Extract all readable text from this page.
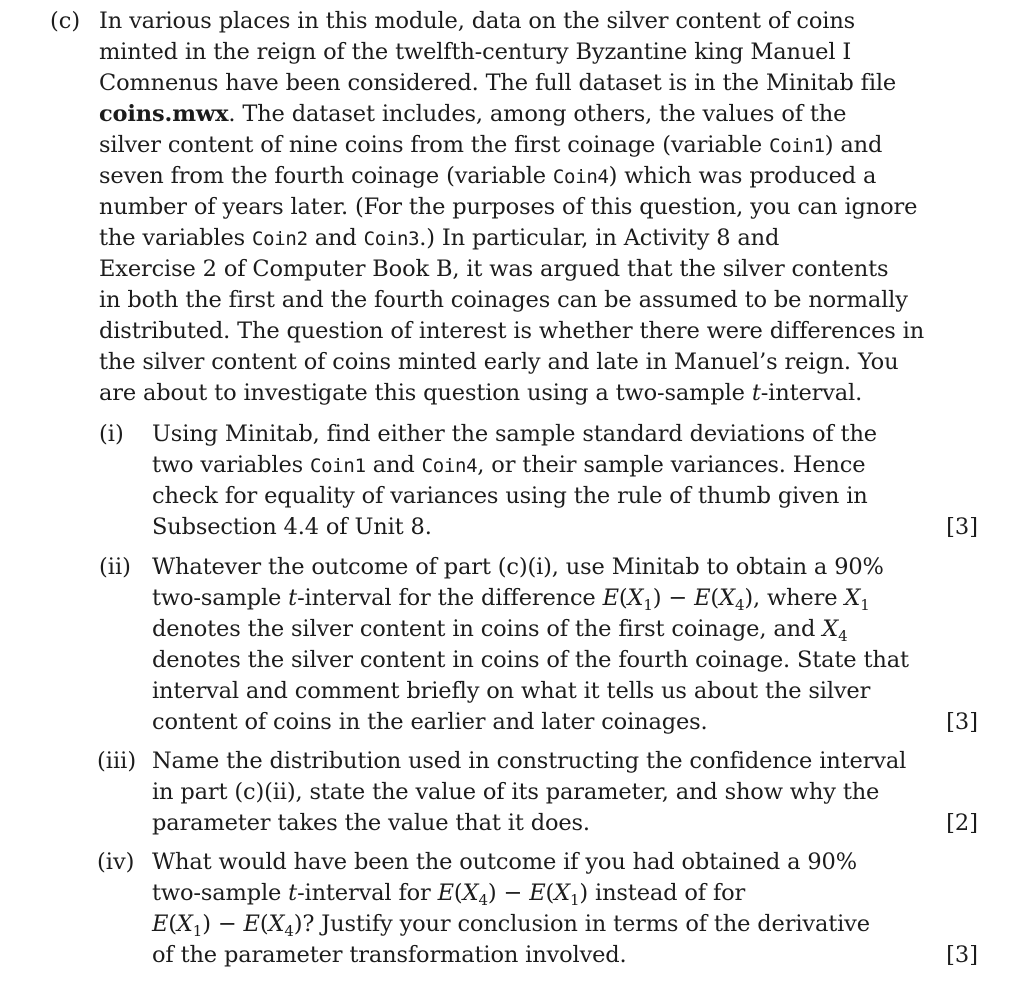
(c) In various places in this module, data on the silver content of coins
minted in the reign of the twelfth-century Byzantine king Manuel I
Comnenus have been considered. The full dataset is in the Minitab file
coins.mwx. The dataset includes, among others, the values of the
silver content of nine coins from the first coinage (variable Coin1) and
seven from the fourth coinage (variable Coin4) which was produced a
number of years later. (For the purposes of this question, you can ignore
the variables Coin2 and Coin3.) In particular, in Activity 8 and
Exercise 2 of Computer Book B, it was argued that the silver contents
in both the first and the fourth coinages can be assumed to be normally
distributed. The question of interest is whether there were differences in
the silver content of coins minted early and late in Manuel’s reign. You
are about to investigate this question using a two-sample t-interval.
(i) Using Minitab, find either the sample standard deviations of the
two variables Coin1 and Coin4, or their sample variances. Hence
check for equality of variances using the rule of thumb given in
Subsection 4.4 of Unit 8.	[3]
(ii) Whatever the outcome of part (c)(i), use Minitab to obtain a 90%
two-sample t-interval for the difference $E(X_1) - E(X_4)$, where $X_1$
denotes the silver content in coins of the first coinage, and $X_4$
denotes the silver content in coins of the fourth coinage. State that
interval and comment briefly on what it tells us about the silver
content of coins in the earlier and later coinages.	[3]
(iii) Name the distribution used in constructing the confidence interval
in part (c)(ii), state the value of its parameter, and show why the
parameter takes the value that it does.	[2]
(iv) What would have been the outcome if you had obtained a 90%
two-sample t-interval for $E(X_4) - E(X_1)$ instead of for
$E(X_1) - E(X_4)$? Justify your conclusion in terms of the derivative
of the parameter transformation involved.	[3]
